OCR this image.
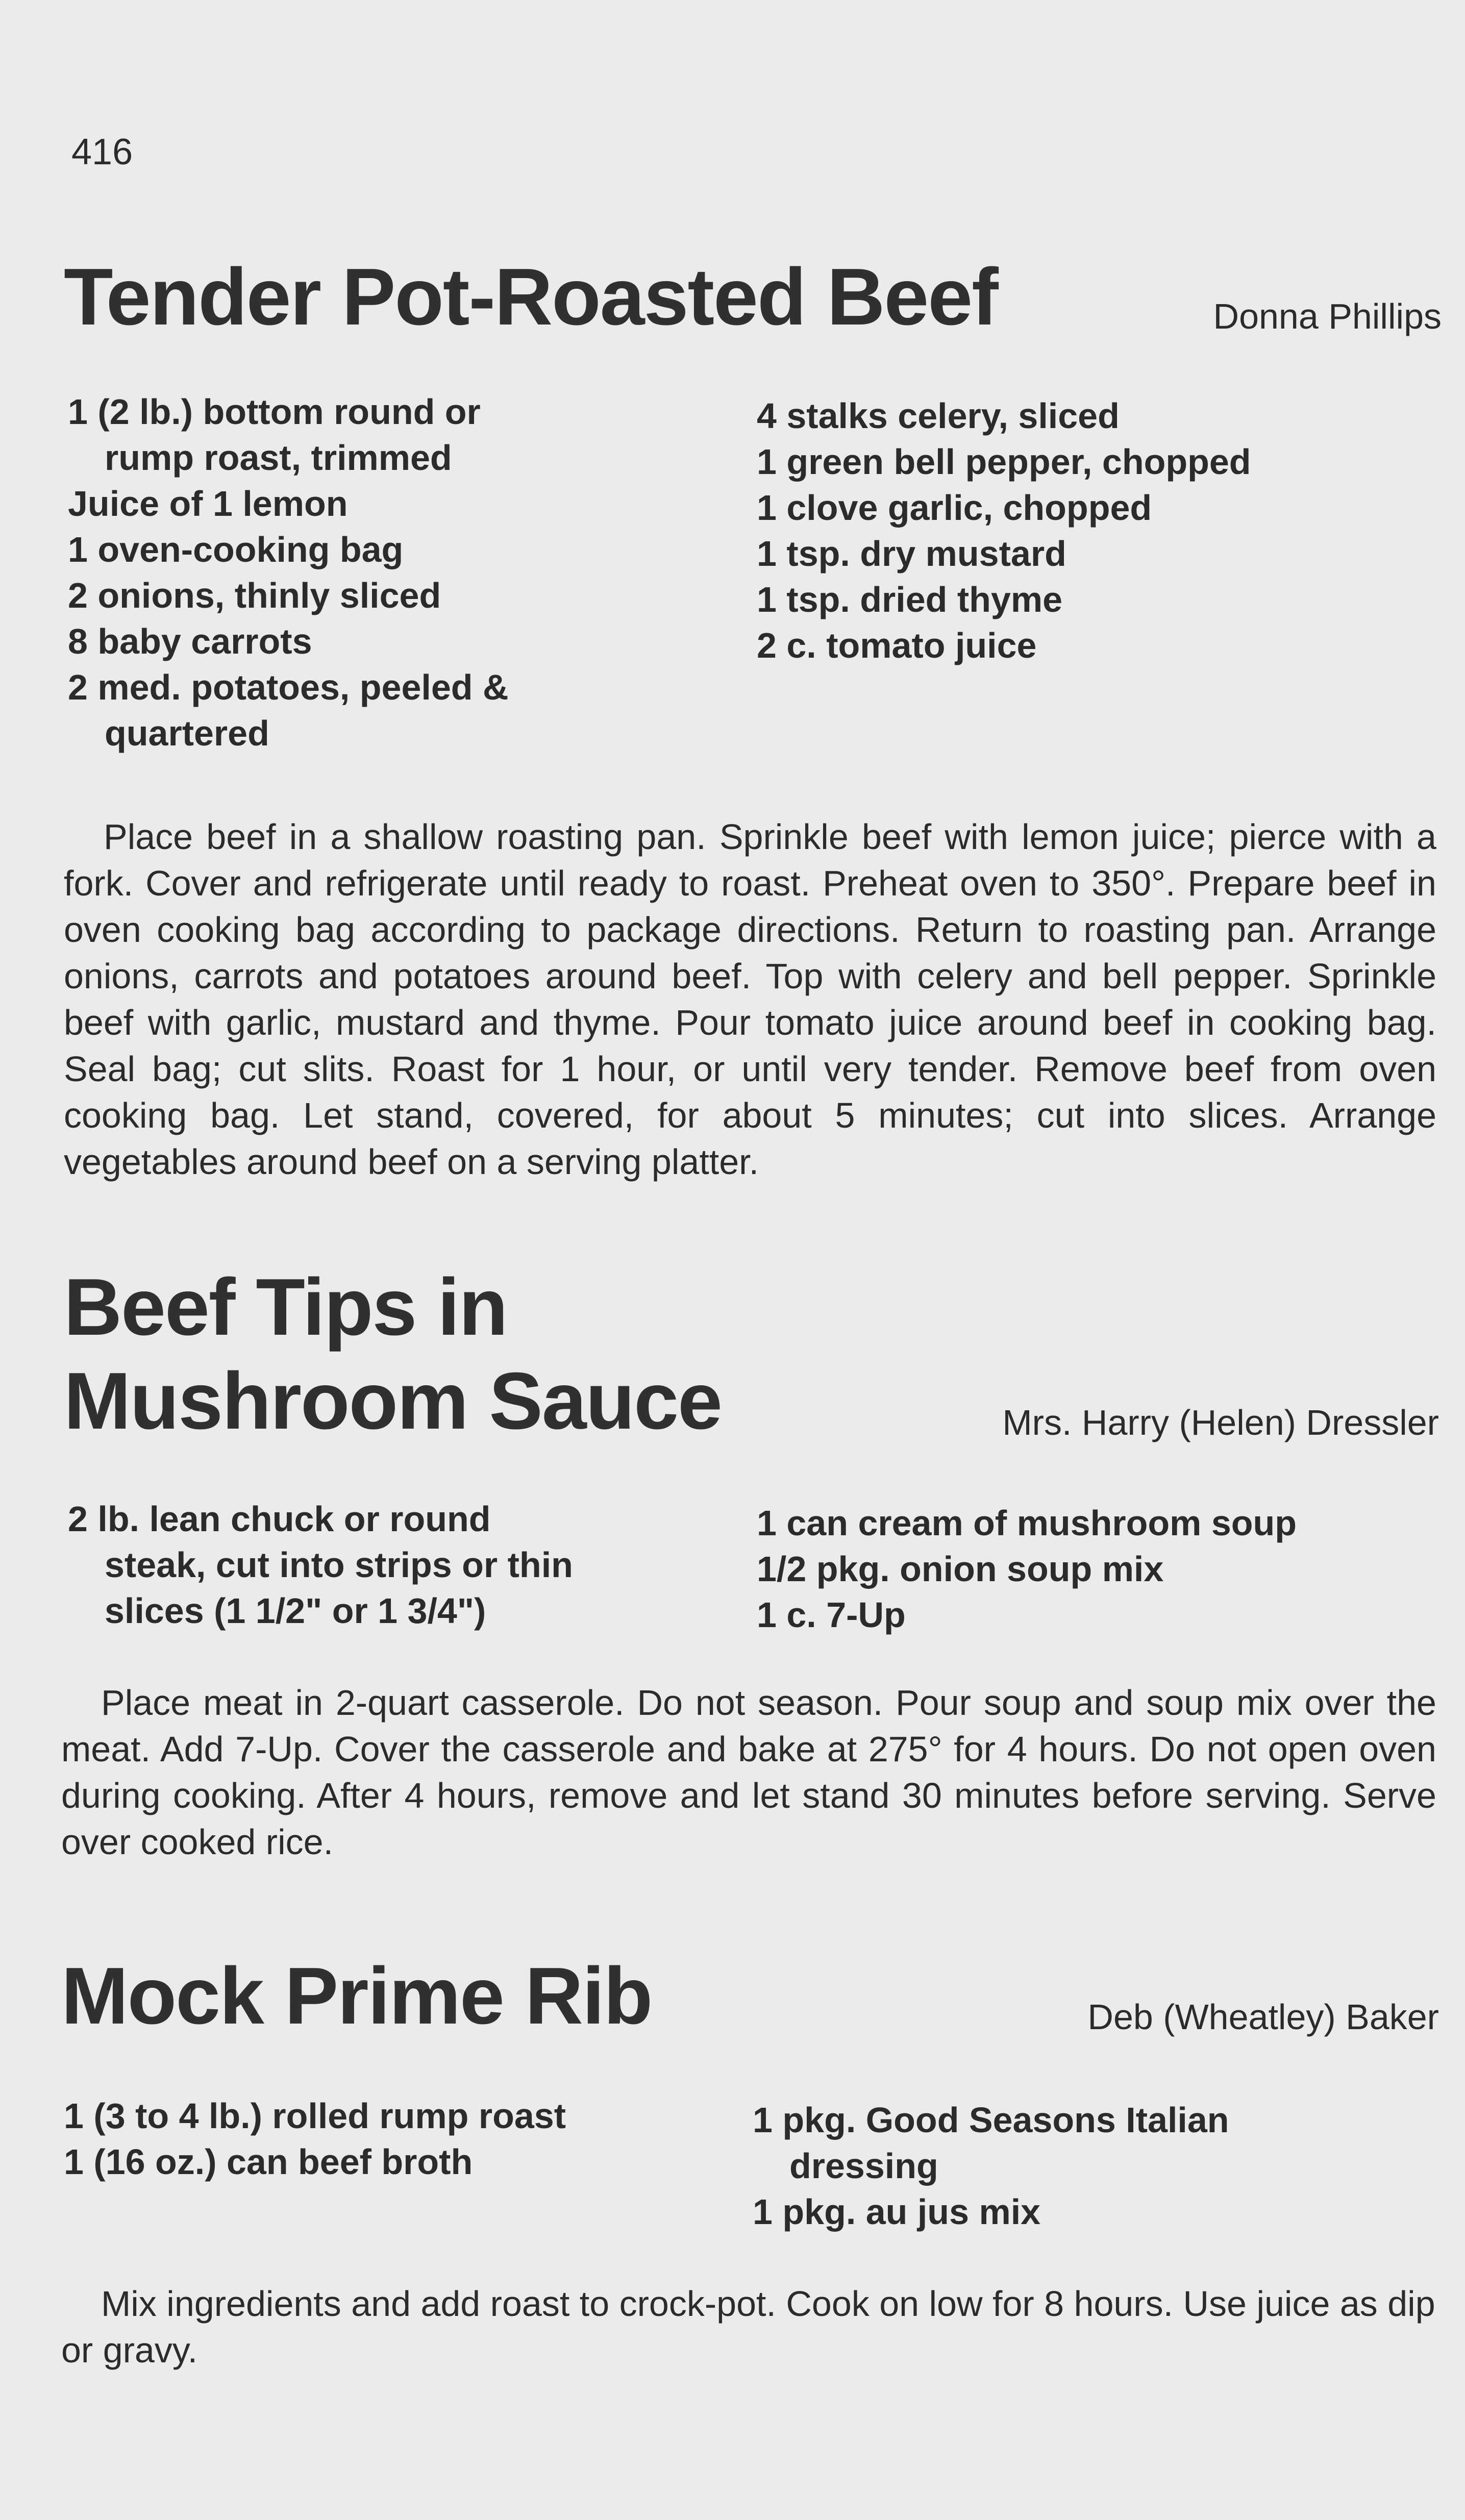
416
Tender Pot-Roasted Beef	Donna Phillips

1 (2 lb.) bottom round or
rump roast, trimmed

Juice of 1 lemon

1 oven-cooking bag

2 onions, thinly sliced

8 baby carrots

2 med. potatoes, peeled &
quartered

4 stalks celery, sliced

1 green bell pepper, chopped

1 clove garlic, chopped

1 tsp. dry mustard

1 tsp. dried thyme

2 c. tomato juice

Place beef in a shallow roasting pan. Sprinkle beef with lemon juice; pierce with a fork. Cover and refrigerate until ready to roast. Preheat oven to 350°. Prepare beef in oven cooking bag according to package directions. Return to roasting pan. Arrange onions, carrots and potatoes around beef. Top with celery and bell pepper. Sprinkle beef with garlic, mustard and thyme. Pour tomato juice around beef in cooking bag. Seal bag; cut slits. Roast for 1 hour, or until very tender. Remove beef from oven cooking bag. Let stand, covered, for about 5 minutes; cut into slices. Arrange vegetables around beef on a serving platter.

Beef Tips in
Mushroom Sauce	Mrs. Harry (Helen) Dressler

2 lb. lean chuck or round
steak, cut into strips or thin
slices (1 1/2" or 1 3/4")

1 can cream of mushroom soup

1/2 pkg. onion soup mix

1 c. 7-Up

Place meat in 2-quart casserole. Do not season. Pour soup and soup mix over the meat. Add 7-Up. Cover the casserole and bake at 275° for 4 hours. Do not open oven during cooking. After 4 hours, remove and let stand 30 minutes before serving. Serve over cooked rice.

Mock Prime Rib	Deb (Wheatley) Baker

1 (3 to 4 lb.) rolled rump roast

1 (16 oz.) can beef broth

1 pkg. Good Seasons Italian
dressing

1 pkg. au jus mix

Mix ingredients and add roast to crock-pot. Cook on low for 8 hours. Use juice as dip or gravy.
